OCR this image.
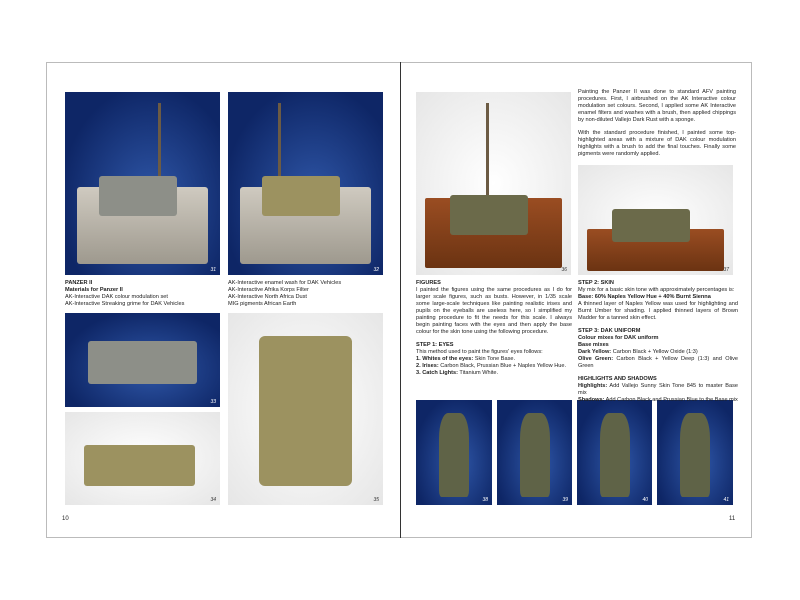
31	32
33
34	35

PANZER II

Materials for Panzer II

AK-Interactive DAK colour modulation set

AK-Interactive Streaking grime for DAK Vehicles

AK-Interactive enamel wash for DAK Vehicles

AK-Interactive Afrika Korps Filter

AK-Interactive North Africa Dust

MIG pigments African Earth

10
36	37
38	39	40	41

Painting the Panzer II was done to standard AFV painting procedures. First, I airbrushed on the AK Interactive colour modulation set colours. Second, I applied some AK Interactive enamel filters and washes with a brush, then applied chippings by non-diluted Vallejo Dark Rust with a sponge.

With the standard procedure finished, I painted some top-highlighted areas with a mixture of DAK colour modulation highlights with a brush to add the final touches. Finally some pigments were randomly applied.

FIGURES

I painted the figures using the same procedures as I do for larger scale figures, such as busts. However, in 1/35 scale some large-scale techniques like painting realistic irises and pupils on the eyeballs are useless here, so I simplified my painting procedure to fit the needs for this scale. I always begin painting faces with the eyes and then apply the base colour for the skin tone using the following procedure.

STEP 1: EYES

This method used to paint the figures' eyes follows:

1. Whites of the eyes: Skin Tone Base.

2. Irises: Carbon Black, Prussian Blue + Naples Yellow Hue.

3. Catch Lights: Titanium White.

STEP 2: SKIN

My mix for a basic skin tone with approximately percentages is:

Base: 60% Naples Yellow Hue + 40% Burnt Sienna

A thinned layer of Naples Yellow was used for highlighting and Burnt Umber for shading. I applied thinned layers of Brown Madder for a tanned skin effect.

STEP 3: DAK UNIFORM

Colour mixes for DAK uniform

Base mixes

Dark Yellow: Carbon Black + Yellow Oxide (1:3)

Olive Green: Carbon Black + Yellow Deep (1:3) and Olive Green

HIGHLIGHTS AND SHADOWS

Highlights: Add Vallejo Sunny Skin Tone 845 to master Base mix

Shadows: Add Carbon Black and Prussian Blue to the Base mix

11
